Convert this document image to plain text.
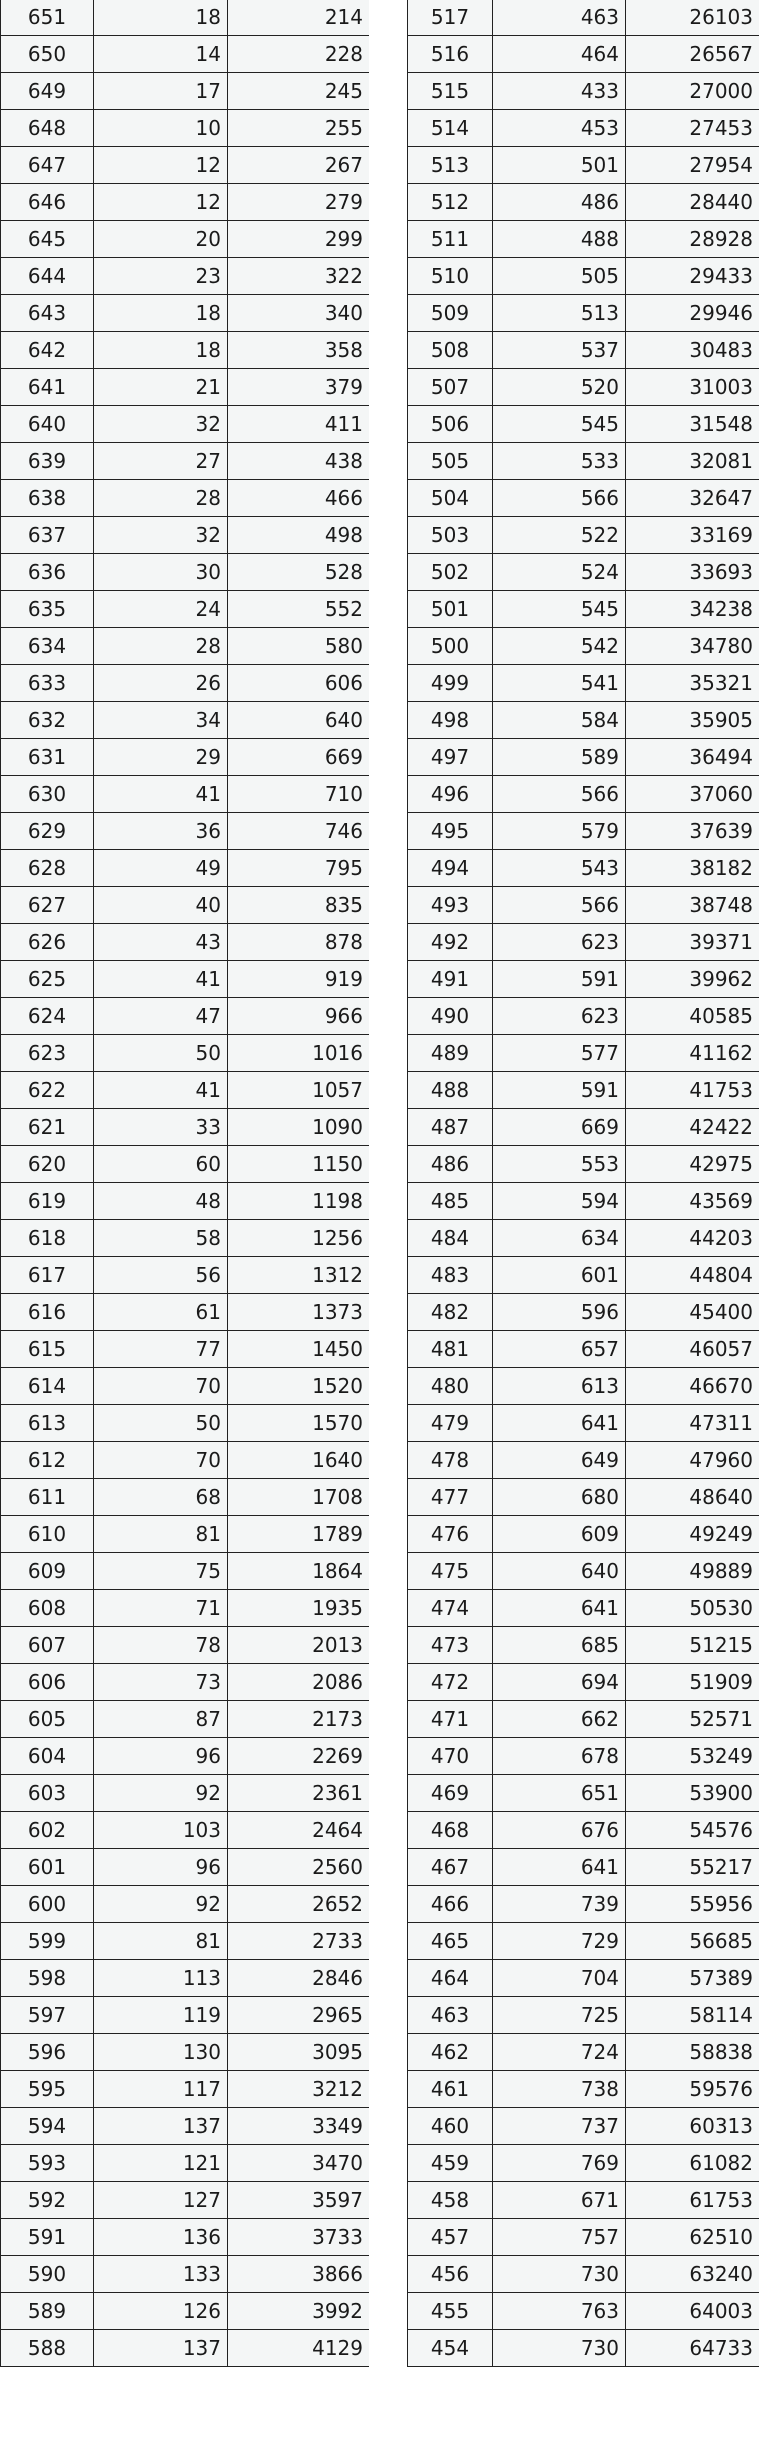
651	18	214
650	14	228
649	17	245
648	10	255
647	12	267
646	12	279
645	20	299
644	23	322
643	18	340
642	18	358
641	21	379
640	32	411
639	27	438
638	28	466
637	32	498
636	30	528
635	24	552
634	28	580
633	26	606
632	34	640
631	29	669
630	41	710
629	36	746
628	49	795
627	40	835
626	43	878
625	41	919
624	47	966
623	50	1016
622	41	1057
621	33	1090
620	60	1150
619	48	1198
618	58	1256
617	56	1312
616	61	1373
615	77	1450
614	70	1520
613	50	1570
612	70	1640
611	68	1708
610	81	1789
609	75	1864
608	71	1935
607	78	2013
606	73	2086
605	87	2173
604	96	2269
603	92	2361
602	103	2464
601	96	2560
600	92	2652
599	81	2733
598	113	2846
597	119	2965
596	130	3095
595	117	3212
594	137	3349
593	121	3470
592	127	3597
591	136	3733
590	133	3866
589	126	3992
588	137	4129
517	463	26103
516	464	26567
515	433	27000
514	453	27453
513	501	27954
512	486	28440
511	488	28928
510	505	29433
509	513	29946
508	537	30483
507	520	31003
506	545	31548
505	533	32081
504	566	32647
503	522	33169
502	524	33693
501	545	34238
500	542	34780
499	541	35321
498	584	35905
497	589	36494
496	566	37060
495	579	37639
494	543	38182
493	566	38748
492	623	39371
491	591	39962
490	623	40585
489	577	41162
488	591	41753
487	669	42422
486	553	42975
485	594	43569
484	634	44203
483	601	44804
482	596	45400
481	657	46057
480	613	46670
479	641	47311
478	649	47960
477	680	48640
476	609	49249
475	640	49889
474	641	50530
473	685	51215
472	694	51909
471	662	52571
470	678	53249
469	651	53900
468	676	54576
467	641	55217
466	739	55956
465	729	56685
464	704	57389
463	725	58114
462	724	58838
461	738	59576
460	737	60313
459	769	61082
458	671	61753
457	757	62510
456	730	63240
455	763	64003
454	730	64733
